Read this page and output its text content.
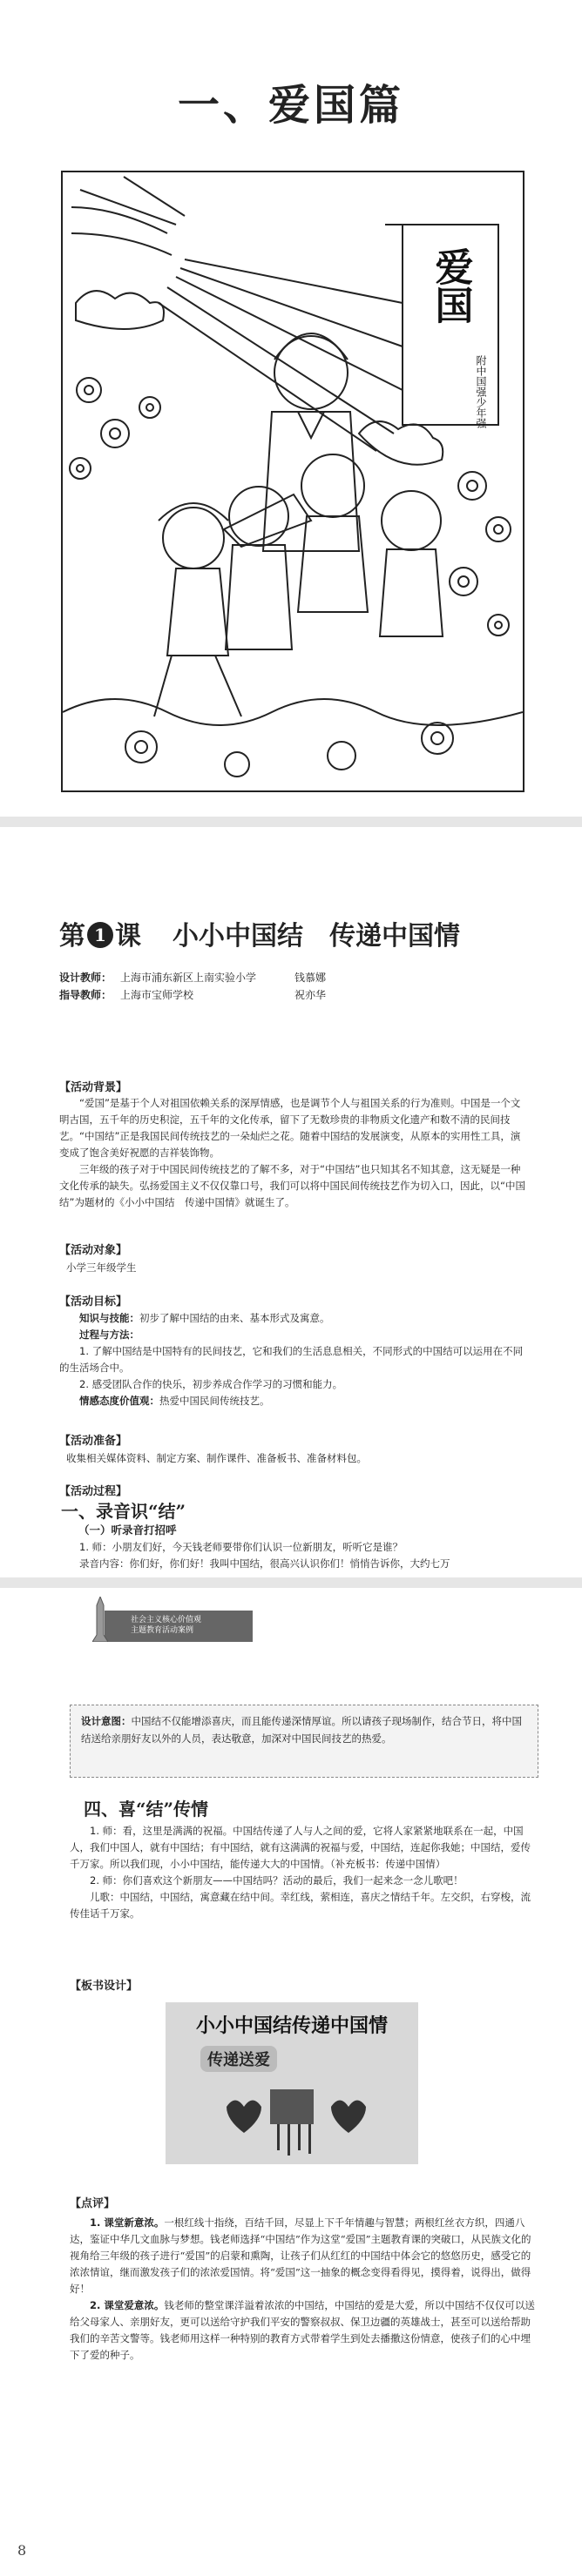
一、爱国篇
爱国
附中国强少年强
第 1 课 小小中国结　传递中国情
设计教师： 上海市浦东新区上南实验小学	钱慕娜
指导教师： 上海市宝师学校	祝亦华
【活动背景】

“爱国”是基于个人对祖国依赖关系的深厚情感，也是调节个人与祖国关系的行为准则。中国是一个文明古国，五千年的历史积淀，五千年的文化传承，留下了无数珍贵的非物质文化遗产和数不清的民间技艺。“中国结”正是我国民间传统技艺的一朵灿烂之花。随着中国结的发展演变，从原本的实用性工具，演变成了饱含美好祝愿的吉祥装饰物。

三年级的孩子对于中国民间传统技艺的了解不多，对于“中国结”也只知其名不知其意，这无疑是一种文化传承的缺失。弘扬爱国主义不仅仅靠口号，我们可以将中国民间传统技艺作为切入口，因此，以“中国结”为题材的《小小中国结　传递中国情》就诞生了。

【活动对象】
小学三年级学生
【活动目标】

知识与技能：初步了解中国结的由来、基本形式及寓意。

过程与方法：

1. 了解中国结是中国特有的民间技艺，它和我们的生活息息相关，不同形式的中国结可以运用在不同的生活场合中。

2. 感受团队合作的快乐，初步养成合作学习的习惯和能力。

情感态度价值观：热爱中国民间传统技艺。

【活动准备】
收集相关媒体资料、制定方案、制作课件、准备板书、准备材料包。
【活动过程】
一、录音识“结”
（一）听录音打招呼

1. 师：小朋友们好，今天钱老师要带你们认识一位新朋友，听听它是谁？

录音内容：你们好，你们好！我叫中国结，很高兴认识你们！悄悄告诉你，大约七万

社会主义核心价值观
主题教育活动案例
设计意图：中国结不仅能增添喜庆，而且能传递深情厚谊。所以请孩子现场制作，结合节日，将中国结送给亲朋好友以外的人员，表达敬意，加深对中国民间技艺的热爱。
四、喜“结”传情

1. 师：看，这里是满满的祝福。中国结传递了人与人之间的爱，它将人家紧紧地联系在一起，中国人，我们中国人，就有中国结；有中国结，就有这满满的祝福与爱，中国结，连起你我她；中国结，爱传千万家。所以我们现，小小中国结，能传递大大的中国情。（补充板书：传递中国情）

2. 师：你们喜欢这个新朋友——中国结吗？活动的最后，我们一起来念一念儿歌吧！

儿歌：中国结，中国结，寓意藏在结中间。幸红线，萦相连，喜庆之情结千年。左交织，右穿梭，流传佳话千万家。

【板书设计】
小小中国结传递中国情
传递送爱
【点评】

1. 课堂新意浓。一根红线十指绕，百结千回，尽显上下千年情趣与智慧；两根红丝衣方织，四通八达，鉴证中华几文血脉与梦想。钱老师选择“中国结”作为这堂“爱国”主题教育课的突破口，从民族文化的视角给三年级的孩子进行“爱国”的启蒙和熏陶，让孩子们从红红的中国结中体会它的悠悠历史，感受它的浓浓情谊，继而激发孩子们的浓浓爱国情。将“爱国”这一抽象的概念变得看得见，摸得着，说得出，做得好！

2. 课堂爱意浓。钱老师的整堂课洋溢着浓浓的中国结，中国结的爱是大爱，所以中国结不仅仅可以送给父母家人、亲朋好友，更可以送给守护我们平安的警察叔叔、保卫边疆的英雄战士，甚至可以送给帮助我们的辛苦文警等。钱老师用这样一种特别的教育方式带着学生到处去播撒这份情意，使孩子们的心中埋下了爱的种子。

8
